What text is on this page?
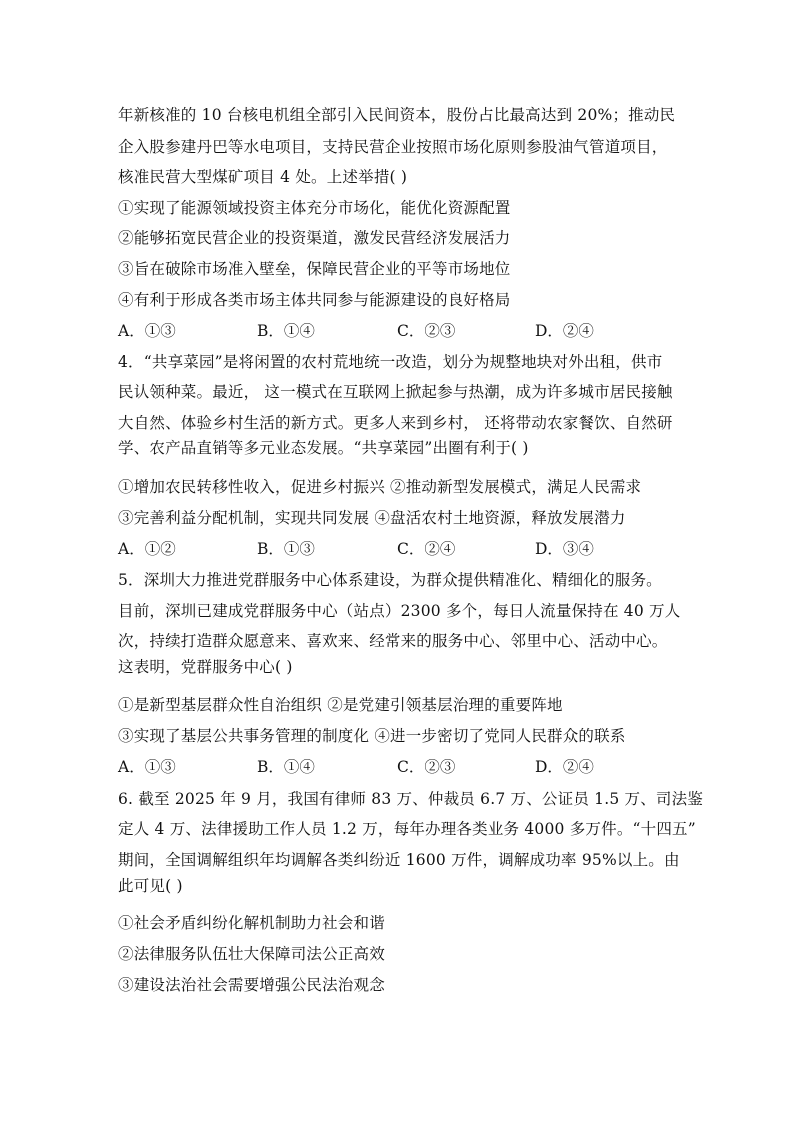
年新核准的 10 台核电机组全部引入民间资本，股份占比最高达到 20%；推动民
企入股参建丹巴等水电项目，支持民营企业按照市场化原则参股油气管道项目，
核准民营大型煤矿项目 4 处。上述举措( )
①实现了能源领域投资主体充分市场化，能优化资源配置
②能够拓宽民营企业的投资渠道，激发民营经济发展活力
③旨在破除市场准入壁垒，保障民营企业的平等市场地位
④有利于形成各类市场主体共同参与能源建设的良好格局
A．①③	B．①④	C．②③	D．②④
4．“共享菜园”是将闲置的农村荒地统一改造，划分为规整地块对外出租，供市
民认领种菜。最近， 这一模式在互联网上掀起参与热潮，成为许多城市居民接触
大自然、体验乡村生活的新方式。更多人来到乡村， 还将带动农家餐饮、自然研
学、农产品直销等多元业态发展。“共享菜园”出圈有利于( )
①增加农民转移性收入，促进乡村振兴 ②推动新型发展模式，满足人民需求
③完善利益分配机制，实现共同发展 ④盘活农村土地资源，释放发展潜力
A．①②	B．①③	C．②④	D．③④
5．深圳大力推进党群服务中心体系建设，为群众提供精准化、精细化的服务。
目前，深圳已建成党群服务中心（站点）2300 多个，每日人流量保持在 40 万人
次，持续打造群众愿意来、喜欢来、经常来的服务中心、邻里中心、活动中心。
这表明，党群服务中心( )
①是新型基层群众性自治组织 ②是党建引领基层治理的重要阵地
③实现了基层公共事务管理的制度化 ④进一步密切了党同人民群众的联系
A．①③	B．①④	C．②③	D．②④
6. 截至 2025 年 9 月，我国有律师 83 万、仲裁员 6.7 万、公证员 1.5 万、司法鉴
定人 4 万、法律援助工作人员 1.2 万，每年办理各类业务 4000 多万件。“十四五”
期间，全国调解组织年均调解各类纠纷近 1600 万件，调解成功率 95%以上。由
此可见( )
①社会矛盾纠纷化解机制助力社会和谐
②法律服务队伍壮大保障司法公正高效
③建设法治社会需要增强公民法治观念
